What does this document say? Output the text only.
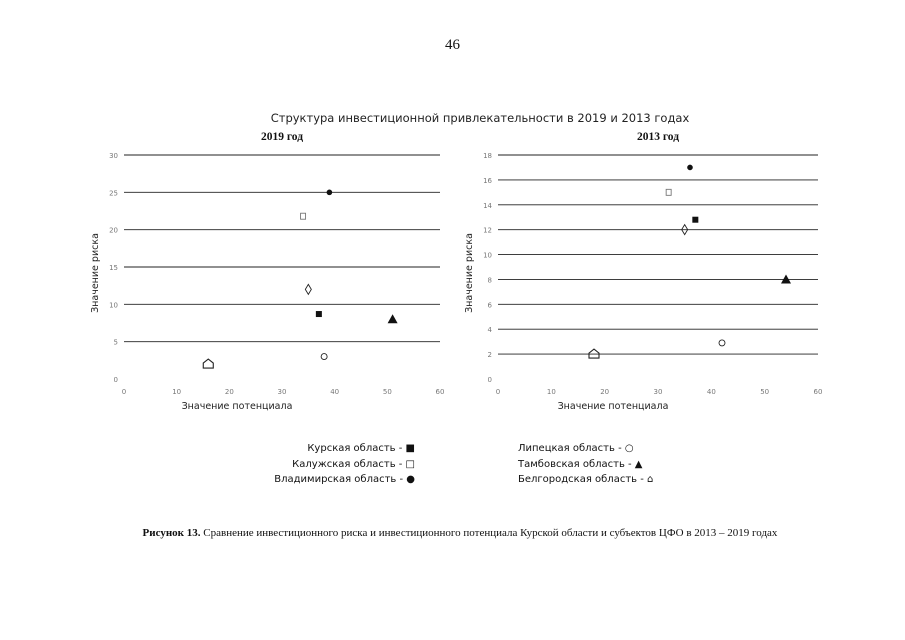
46
Структура инвестиционной привлекательности в 2019 и 2013 годах
2019 год
0
5
10
15
20
25
30
0	10	20	30	40	50	60
Значение потенциала
Значение риска
2013 год
0
2
4
6
8
10
12
14
16
18
0	10	20	30	40	50	60
Значение потенциала
Значение риска
Курская область - ■
Калужская область - □
Владимирская область - ●
Липецкая область - ○
Тамбовская область - ▲
Белгородская область - ⌂
Рисунок 13. Сравнение инвестиционного риска и инвестиционного потенциала Курской области и субъектов ЦФО в 2013 – 2019 годах
